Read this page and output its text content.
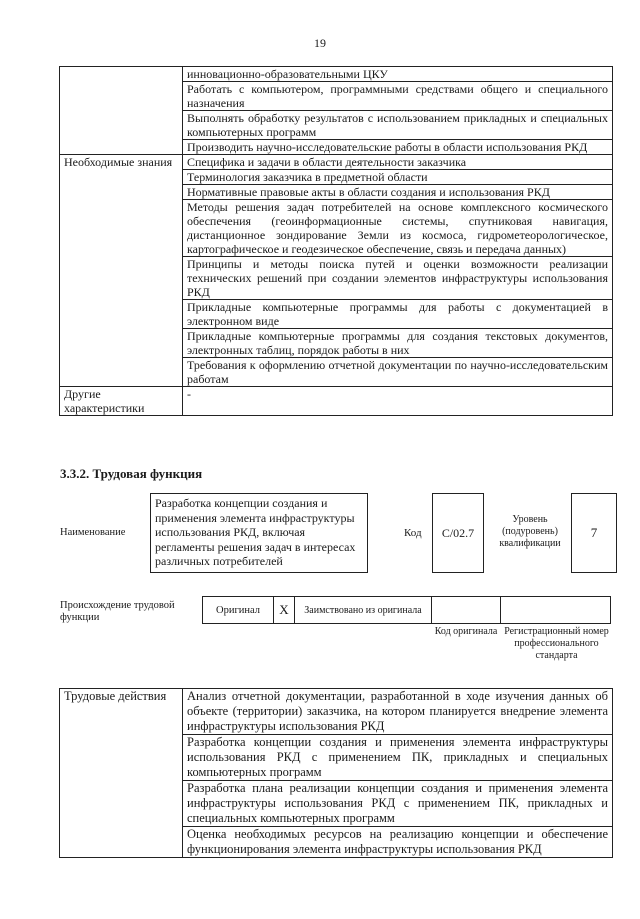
19
	инновационно-образовательными ЦКУ
	Работать с компьютером, программными средствами общего и специального назначения
	Выполнять обработку результатов с использованием прикладных и специальных компьютерных программ
	Производить научно-исследовательские работы в области использования РКД
Необходимые знания	Специфика и задачи в области деятельности заказчика
	Терминология заказчика в предметной области
	Нормативные правовые акты в области создания и использования РКД
	Методы решения задач потребителей на основе комплексного космического обеспечения (геоинформационные системы, спутниковая навигация, дистанционное зондирование Земли из космоса, гидрометеорологическое, картографическое и геодезическое обеспечение, связь и передача данных)
	Принципы и методы поиска путей и оценки возможности реализации технических решений при создании элементов инфраструктуры использования РКД
	Прикладные компьютерные программы для работы с документацией в электронном виде
	Прикладные компьютерные программы для создания текстовых документов, электронных таблиц, порядок работы в них
	Требования к оформлению отчетной документации по научно-исследовательским работам
Другие характеристики	-
3.3.2. Трудовая функция
Наименование
Разработка концепции создания и применения элемента инфраструктуры использования РКД, включая регламенты решения задач в интересах различных потребителей
Код	C/02.7
Уровень (подуровень) квалификации
7
Происхождение трудовой функции
Оригинал	X	Заимствовано из оригинала
Код оригинала Регистрационный номер профессионального стандарта
Трудовые действия	Анализ отчетной документации, разработанной в ходе изучения данных об объекте (территории) заказчика, на котором планируется внедрение элемента инфраструктуры использования РКД
Разработка концепции создания и применения элемента инфраструктуры использования РКД с применением ПК, прикладных и специальных компьютерных программ
Разработка плана реализации концепции создания и применения элемента инфраструктуры использования РКД с применением ПК, прикладных и специальных компьютерных программ
Оценка необходимых ресурсов на реализацию концепции и обеспечение функционирования элемента инфраструктуры использования РКД
